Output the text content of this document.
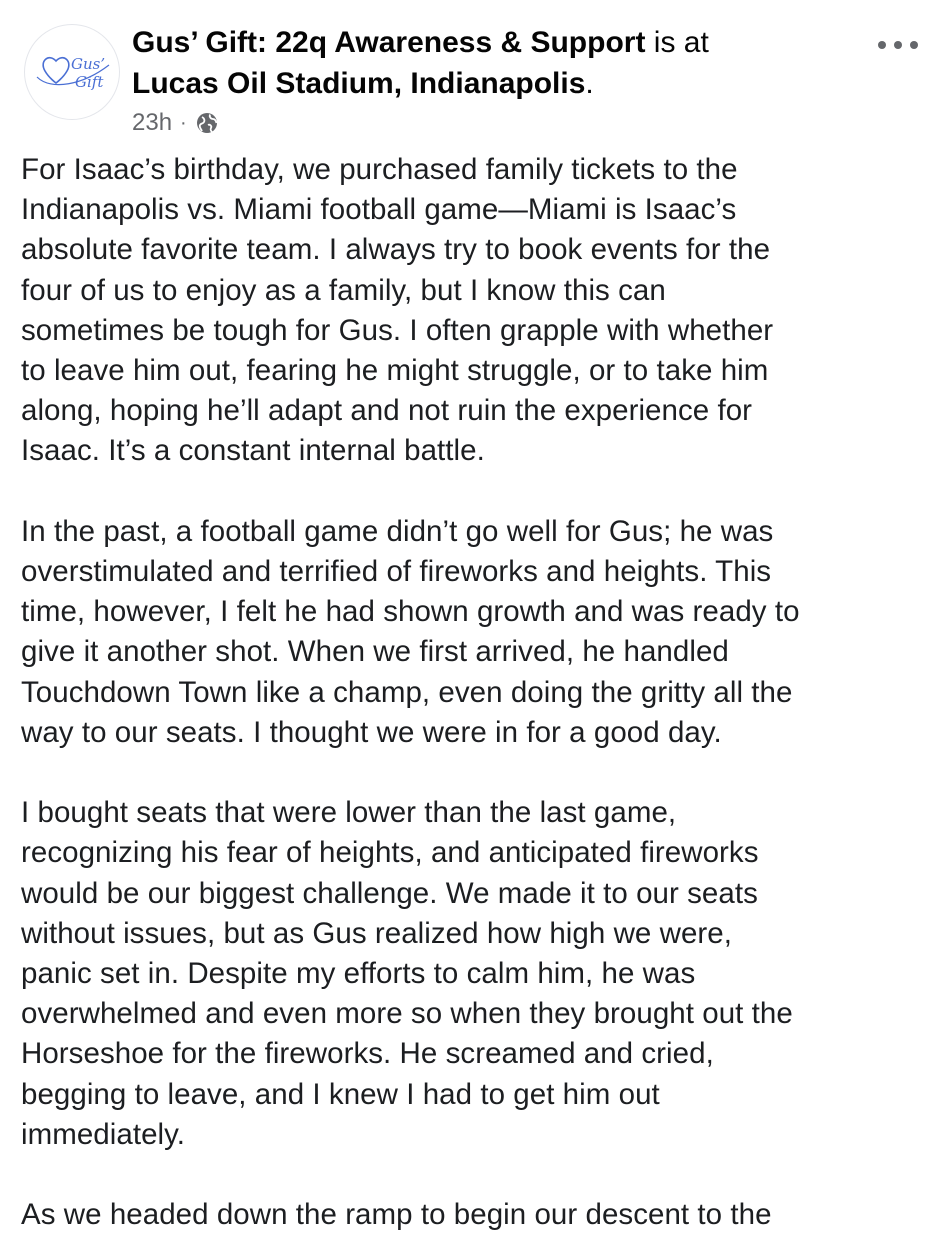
Gus’
Gift
Gus’ Gift: 22q Awareness & Support is at
Lucas Oil Stadium, Indianapolis.
23h ·

For Isaac’s birthday, we purchased family tickets to the
Indianapolis vs. Miami football game—Miami is Isaac’s
absolute favorite team. I always try to book events for the
four of us to enjoy as a family, but I know this can
sometimes be tough for Gus. I often grapple with whether
to leave him out, fearing he might struggle, or to take him
along, hoping he’ll adapt and not ruin the experience for
Isaac. It’s a constant internal battle.

In the past, a football game didn’t go well for Gus; he was
overstimulated and terrified of fireworks and heights. This
time, however, I felt he had shown growth and was ready to
give it another shot. When we first arrived, he handled
Touchdown Town like a champ, even doing the gritty all the
way to our seats. I thought we were in for a good day.

I bought seats that were lower than the last game,
recognizing his fear of heights, and anticipated fireworks
would be our biggest challenge. We made it to our seats
without issues, but as Gus realized how high we were,
panic set in. Despite my efforts to calm him, he was
overwhelmed and even more so when they brought out the
Horseshoe for the fireworks. He screamed and cried,
begging to leave, and I knew I had to get him out
immediately.

As we headed down the ramp to begin our descent to the
